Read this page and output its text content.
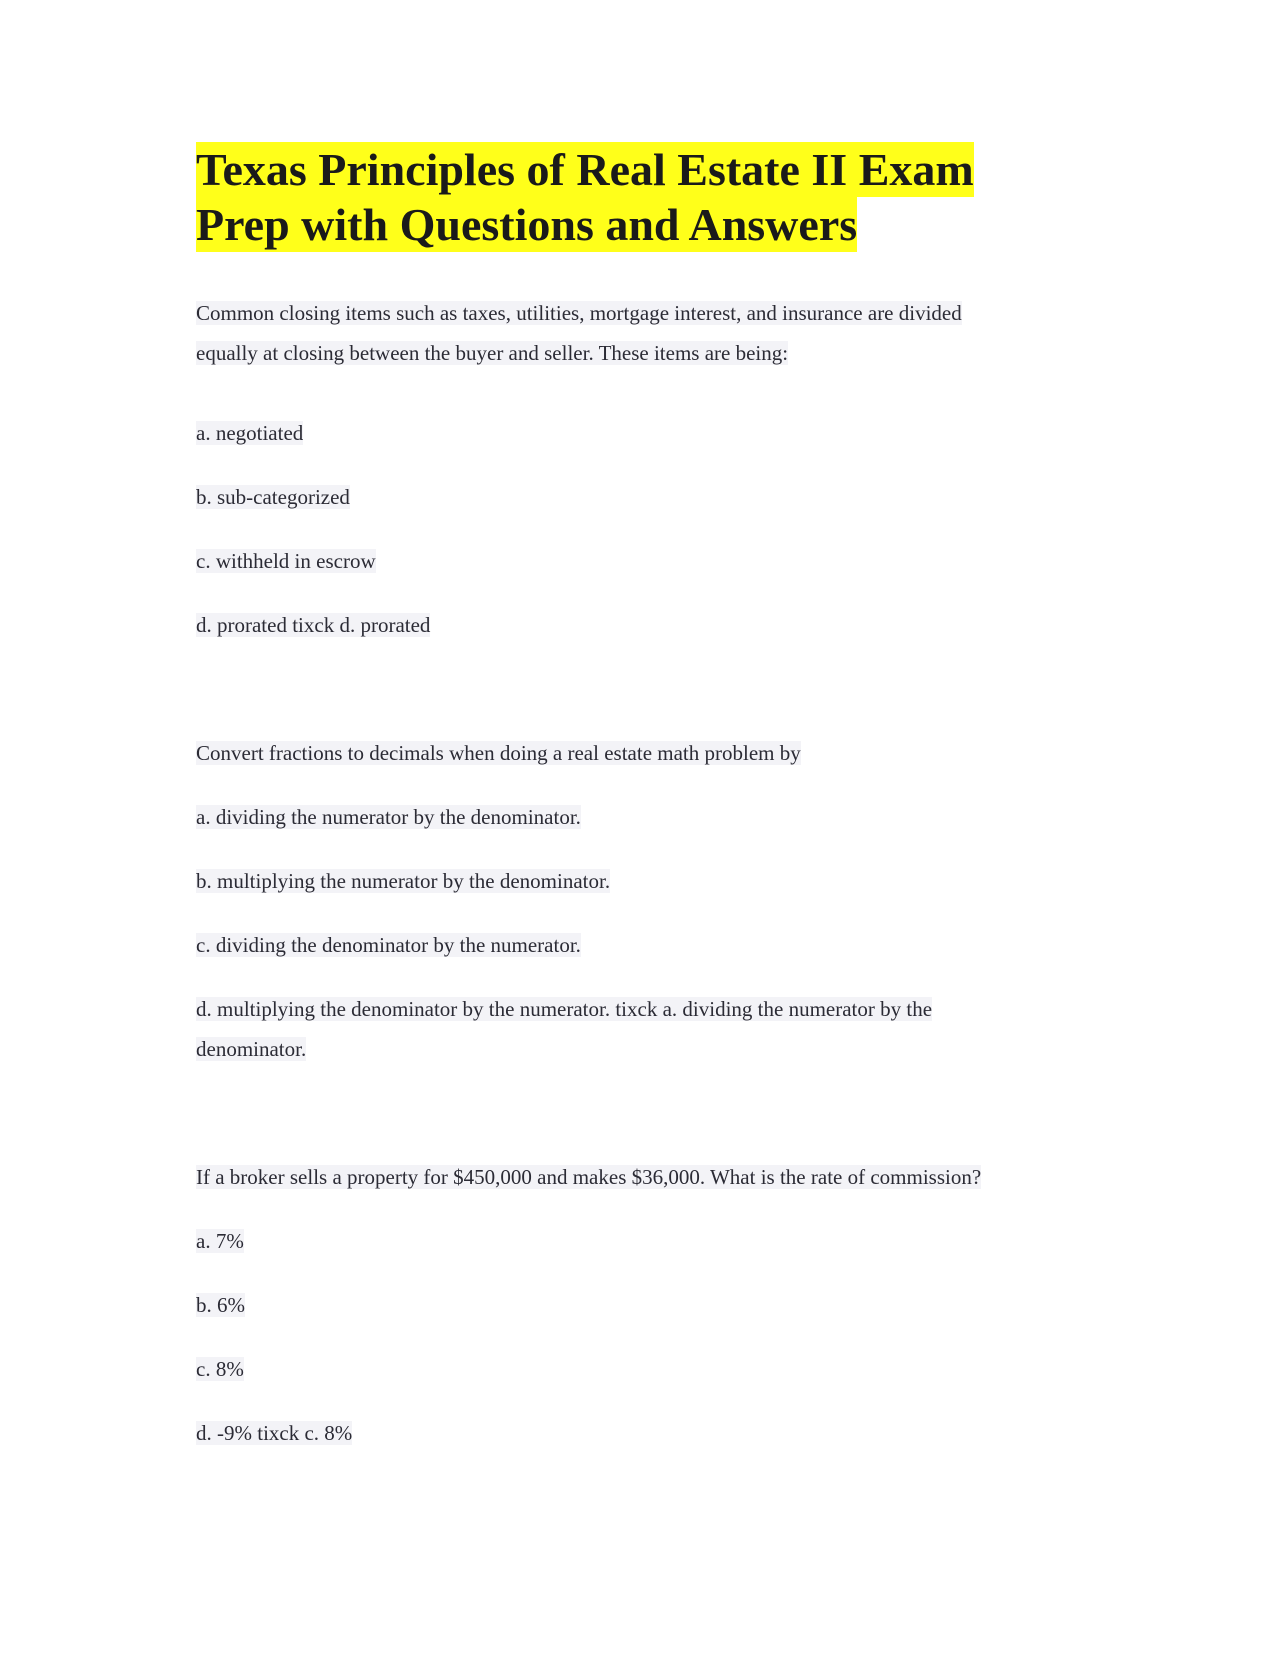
Texas Principles of Real Estate II Exam
Prep with Questions and Answers

Common closing items such as taxes, utilities, mortgage interest, and insurance are divided

equally at closing between the buyer and seller. These items are being:

a. negotiated

b. sub-categorized

c. withheld in escrow

d. prorated tixck d. prorated

Convert fractions to decimals when doing a real estate math problem by

a. dividing the numerator by the denominator.

b. multiplying the numerator by the denominator.

c. dividing the denominator by the numerator.

d. multiplying the denominator by the numerator. tixck a. dividing the numerator by the

denominator.

If a broker sells a property for $450,000 and makes $36,000. What is the rate of commission?

a. 7%

b. 6%

c. 8%

d. -9% tixck c. 8%
